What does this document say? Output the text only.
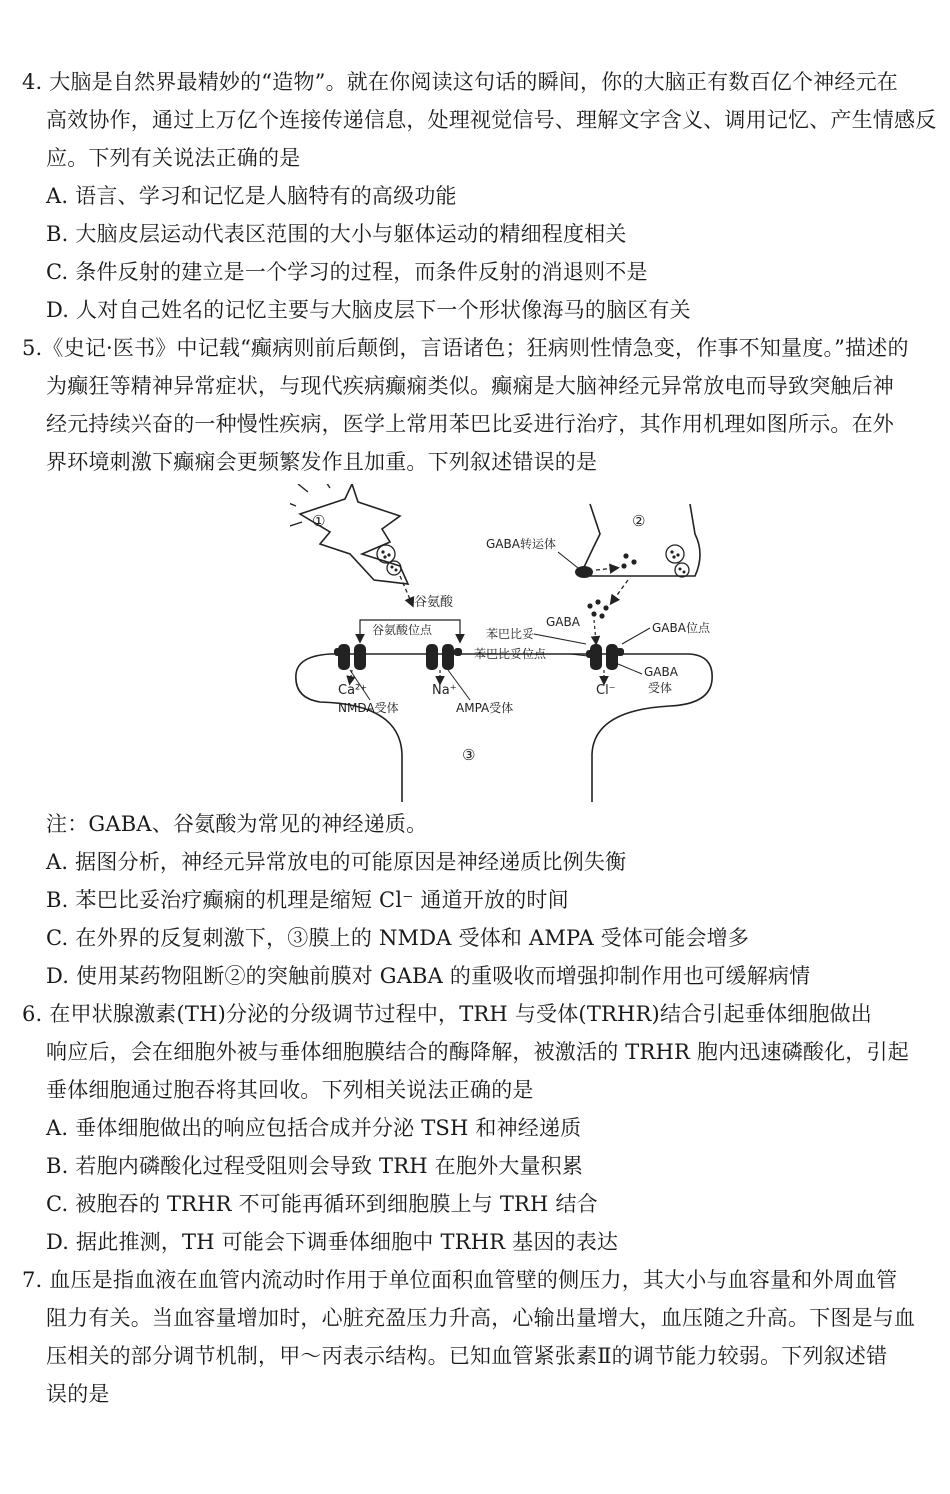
4. 大脑是自然界最精妙的“造物”。就在你阅读这句话的瞬间，你的大脑正有数百亿个神经元在
高效协作，通过上万亿个连接传递信息，处理视觉信号、理解文字含义、调用记忆、产生情感反
应。下列有关说法正确的是
A. 语言、学习和记忆是人脑特有的高级功能
B. 大脑皮层运动代表区范围的大小与躯体运动的精细程度相关
C. 条件反射的建立是一个学习的过程，而条件反射的消退则不是
D. 人对自己姓名的记忆主要与大脑皮层下一个形状像海马的脑区有关
5.《史记·医书》中记载“癫病则前后颠倒，言语诸色；狂病则性情急变，作事不知量度。”描述的
为癫狂等精神异常症状，与现代疾病癫痫类似。癫痫是大脑神经元异常放电而导致突触后神
经元持续兴奋的一种慢性疾病，医学上常用苯巴比妥进行治疗，其作用机理如图所示。在外
界环境刺激下癫痫会更频繁发作且加重。下列叙述错误的是
①	②
GABA转运体
GABA	GABA位点
谷氨酸
谷氨酸位点	苯巴比妥
苯巴比妥位点
③
Ca²⁺	Na⁺	Cl⁻
NMDA受体	AMPA受体
GABA
受体
注：GABA、谷氨酸为常见的神经递质。
A. 据图分析，神经元异常放电的可能原因是神经递质比例失衡
B. 苯巴比妥治疗癫痫的机理是缩短 Cl⁻ 通道开放的时间
C. 在外界的反复刺激下，③膜上的 NMDA 受体和 AMPA 受体可能会增多
D. 使用某药物阻断②的突触前膜对 GABA 的重吸收而增强抑制作用也可缓解病情
6. 在甲状腺激素(TH)分泌的分级调节过程中，TRH 与受体(TRHR)结合引起垂体细胞做出
响应后，会在细胞外被与垂体细胞膜结合的酶降解，被激活的 TRHR 胞内迅速磷酸化，引起
垂体细胞通过胞吞将其回收。下列相关说法正确的是
A. 垂体细胞做出的响应包括合成并分泌 TSH 和神经递质
B. 若胞内磷酸化过程受阻则会导致 TRH 在胞外大量积累
C. 被胞吞的 TRHR 不可能再循环到细胞膜上与 TRH 结合
D. 据此推测，TH 可能会下调垂体细胞中 TRHR 基因的表达
7. 血压是指血液在血管内流动时作用于单位面积血管壁的侧压力，其大小与血容量和外周血管
阻力有关。当血容量增加时，心脏充盈压力升高，心输出量增大，血压随之升高。下图是与血
压相关的部分调节机制，甲～丙表示结构。已知血管紧张素Ⅱ的调节能力较弱。下列叙述错
误的是
